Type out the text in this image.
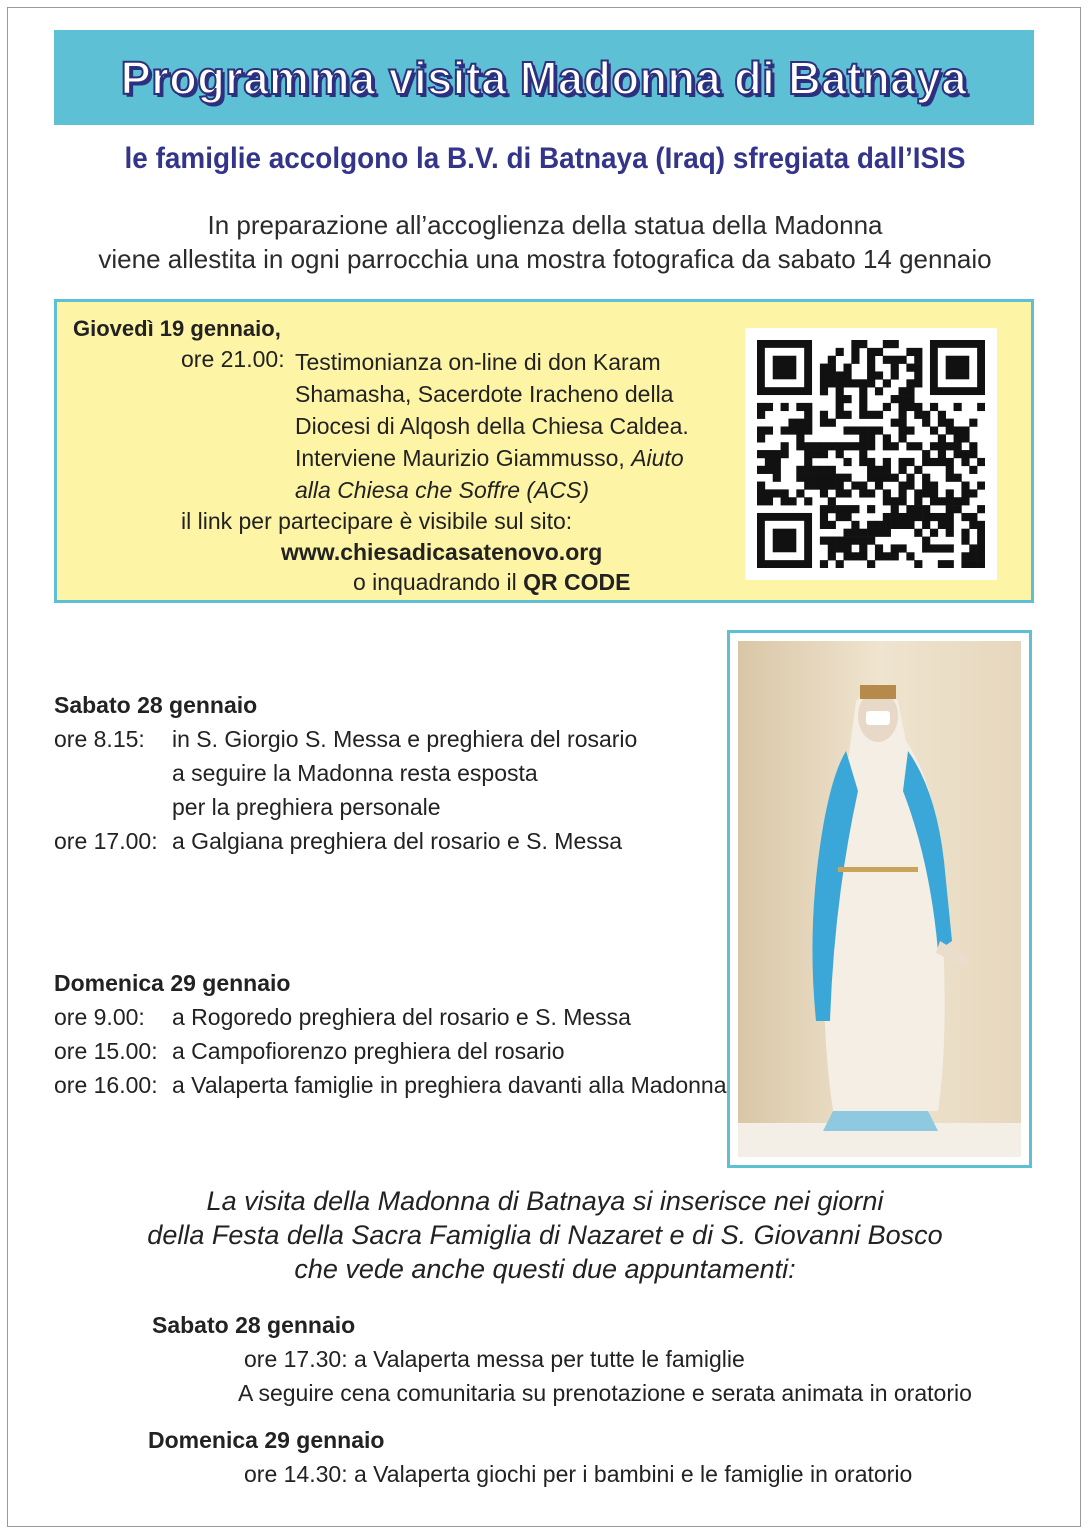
Programma visita Madonna di Batnaya
le famiglie accolgono la B.V. di Batnaya (Iraq) sfregiata dall’ISIS
In preparazione all’accoglienza della statua della Madonna
viene allestita in ogni parrocchia una mostra fotografica da sabato 14 gennaio
Giovedì 19 gennaio,
ore 21.00: Testimonianza on-line di don Karam Shamasha, Sacerdote Iracheno della Diocesi di Alqosh della Chiesa Caldea. Interviene Maurizio Giammusso, Aiuto alla Chiesa che Soffre (ACS)
il link per partecipare è visibile sul sito:
www.chiesadicasatenovo.org
o inquadrando il QR CODE
Sabato 28 gennaio
ore 8.15:	in S. Giorgio S. Messa e preghiera del rosario
a seguire la Madonna resta esposta
per la preghiera personale
ore 17.00: a Galgiana preghiera del rosario e S. Messa
Domenica 29 gennaio
ore 9.00:	a Rogoredo preghiera del rosario e S. Messa
ore 15.00: a Campofiorenzo preghiera del rosario
ore 16.00: a Valaperta famiglie in preghiera davanti alla Madonna
La visita della Madonna di Batnaya si inserisce nei giorni
della Festa della Sacra Famiglia di Nazaret e di S. Giovanni Bosco
che vede anche questi due appuntamenti:
Sabato 28 gennaio
ore 17.30: a Valaperta messa per tutte le famiglie
A seguire cena comunitaria su prenotazione e serata animata in oratorio
Domenica 29 gennaio
ore 14.30: a Valaperta giochi per i bambini e le famiglie in oratorio
